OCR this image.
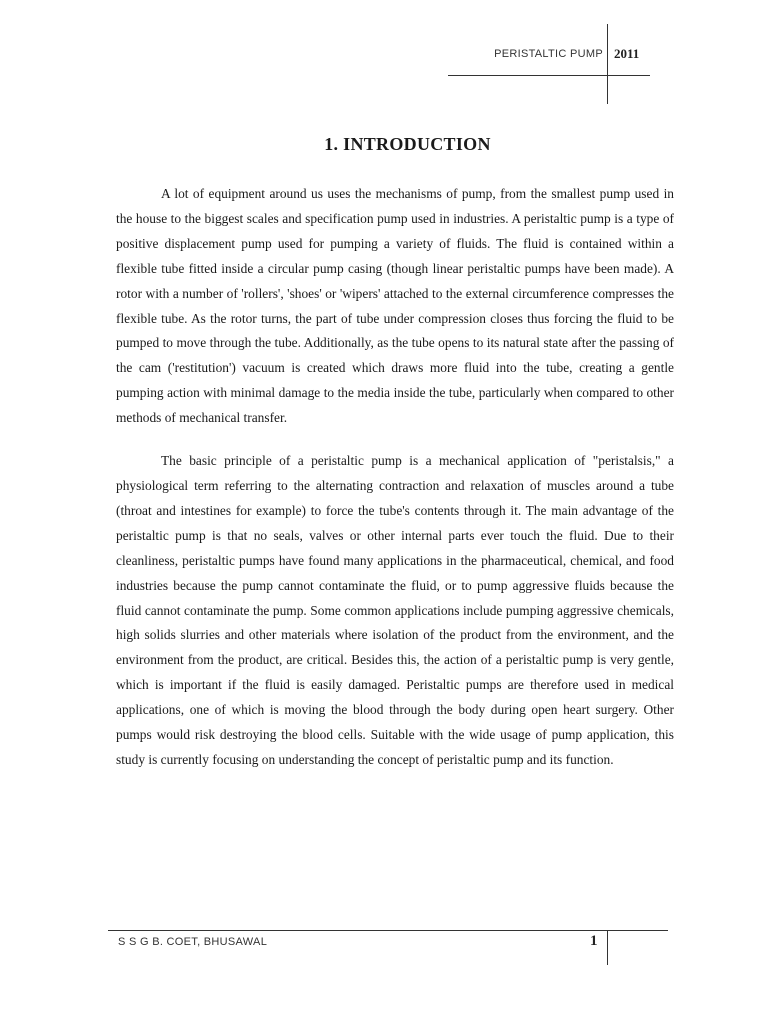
PERISTALTIC PUMP 2011
1. INTRODUCTION

A lot of equipment around us uses the mechanisms of pump, from the smallest pump used in the house to the biggest scales and specification pump used in industries. A peristaltic pump is a type of positive displacement pump used for pumping a variety of fluids. The fluid is contained within a flexible tube fitted inside a circular pump casing (though linear peristaltic pumps have been made). A rotor with a number of 'rollers', 'shoes' or 'wipers' attached to the external circumference compresses the flexible tube. As the rotor turns, the part of tube under compression closes thus forcing the fluid to be pumped to move through the tube. Additionally, as the tube opens to its natural state after the passing of the cam ('restitution') vacuum is created which draws more fluid into the tube, creating a gentle pumping action with minimal damage to the media inside the tube, particularly when compared to other methods of mechanical transfer.

The basic principle of a peristaltic pump is a mechanical application of "peristalsis," a physiological term referring to the alternating contraction and relaxation of muscles around a tube (throat and intestines for example) to force the tube's contents through it. The main advantage of the peristaltic pump is that no seals, valves or other internal parts ever touch the fluid. Due to their cleanliness, peristaltic pumps have found many applications in the pharmaceutical, chemical, and food industries because the pump cannot contaminate the fluid, or to pump aggressive fluids because the fluid cannot contaminate the pump. Some common applications include pumping aggressive chemicals, high solids slurries and other materials where isolation of the product from the environment, and the environment from the product, are critical. Besides this, the action of a peristaltic pump is very gentle, which is important if the fluid is easily damaged. Peristaltic pumps are therefore used in medical applications, one of which is moving the blood through the body during open heart surgery. Other pumps would risk destroying the blood cells. Suitable with the wide usage of pump application, this study is currently focusing on understanding the concept of peristaltic pump and its function.

S S G B. COET, BHUSAWAL	1
